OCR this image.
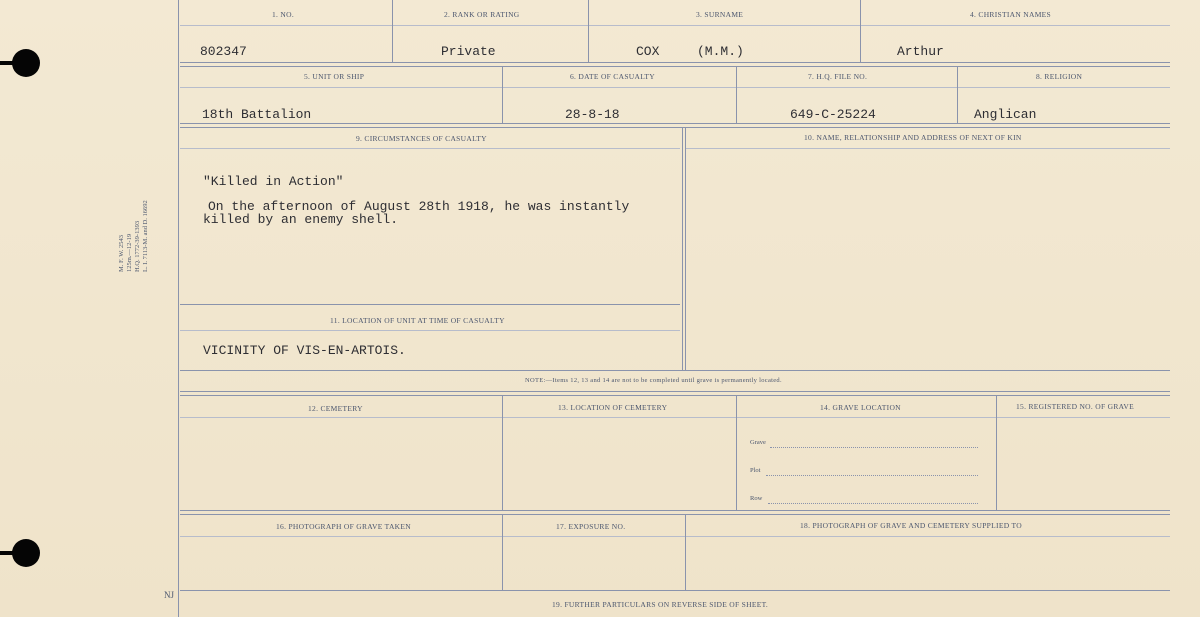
M. F. W. 2543 125m.—12-19 H.Q. 1772-39-1393 L. I. 7113-M. and D. 16692
1. NO.	2. RANK OR RATING	3. SURNAME	4. CHRISTIAN NAMES
802347	Private	COX	(M.M.)	Arthur
5. UNIT OR SHIP	6. DATE OF CASUALTY	7. H.Q. FILE NO.	8. RELIGION
18th Battalion	28-8-18	649-C-25224	Anglican
9. CIRCUMSTANCES OF CASUALTY	10. NAME, RELATIONSHIP AND ADDRESS OF NEXT OF KIN
"Killed in Action"
On the afternoon of August 28th 1918, he was instantly
killed by an enemy shell.
11. LOCATION OF UNIT AT TIME OF CASUALTY
VICINITY OF VIS-EN-ARTOIS.
NOTE:—Items 12, 13 and 14 are not to be completed until grave is permanently located.
12. CEMETERY	13. LOCATION OF CEMETERY	14. GRAVE LOCATION	15. REGISTERED NO. OF GRAVE
Grave
Plot
Row
16. PHOTOGRAPH OF GRAVE TAKEN	17. EXPOSURE NO.	18. PHOTOGRAPH OF GRAVE AND CEMETERY SUPPLIED TO
19. FURTHER PARTICULARS ON REVERSE SIDE OF SHEET.
NJ
